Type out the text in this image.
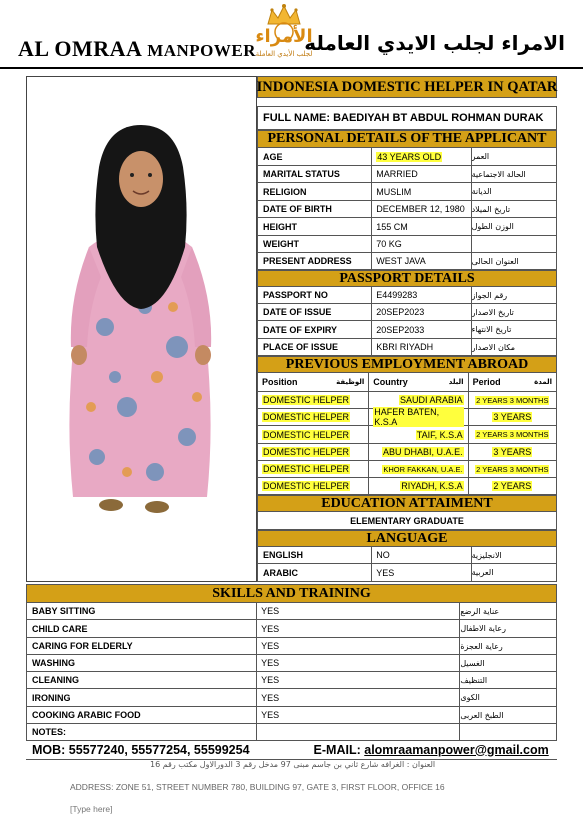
AL OMRAA MANPOWER
الأمراء
لجلب الأيدي العاملة
الامراء لجلب الايدي العامله
INDONESIA DOMESTIC HELPER IN QATAR
FULL NAME: BAEDIYAH BT ABDUL ROHMAN DURAK
PERSONAL DETAILS OF THE APPLICANT
AGE	43 YEARS OLD	العمر
MARITAL STATUS	MARRIED	الحالة الاجتماعية
RELIGION	MUSLIM	الديانة
DATE OF BIRTH	DECEMBER 12, 1980 تاريخ الميلاد
HEIGHT	155 CM	الوزن الطول
WEIGHT	70 KG
PRESENT ADDRESS	WEST JAVA	العنوان الحالى
PASSPORT DETAILS
PASSPORT NO	E4499283	رقم الجواز
DATE OF ISSUE	20SEP2023	تاريخ الاصدار
DATE OF EXPIRY	20SEP2033	تاريخ الانتهاء
PLACE OF ISSUE	KBRI RIYADH	مكان الاصدار
PREVIOUS EMPLOYMENT ABROAD
Position	الوظيفة Country	البلد Period	المدة
DOMESTIC HELPER	SAUDI ARABIA 2 YEARS 3 MONTHS
DOMESTIC HELPER	HAFER BATEN, K.S.A	3 YEARS
DOMESTIC HELPER	TAIF, K.S.A 2 YEARS 3 MONTHS
DOMESTIC HELPER	ABU DHABI, U.A.E.	3 YEARS
DOMESTIC HELPER	KHOR FAKKAN, U.A.E. 2 YEARS 3 MONTHS
DOMESTIC HELPER	RIYADH, K.S.A	2 YEARS
EDUCATION ATTAIMENT
ELEMENTARY GRADUATE
LANGUAGE
ENGLISH	NO	الانجليزية
ARABIC	YES	العربية
SKILLS AND TRAINING
BABY SITTING	YES	عناية الرضع
CHILD CARE	YES	رعاية الاطفال
CARING FOR ELDERLY	YES	رعاية العجزة
WASHING	YES	الغسيل
CLEANING	YES	التنظيف
IRONING	YES	الكوى
COOKING ARABIC FOOD	YES	الطبخ العربى
NOTES:
MOB: 55577240, 55577254, 55599254	E-MAIL: alomraamanpower@gmail.com
العنوان : الغرافه شارع ثاني بن جاسم مبنى 97 مدخل رقم 3 الدورالاول مكتب رقم 16
ADDRESS: ZONE 51, STREET NUMBER 780, BUILDING 97, GATE 3, FIRST FLOOR, OFFICE 16
[Type here]
